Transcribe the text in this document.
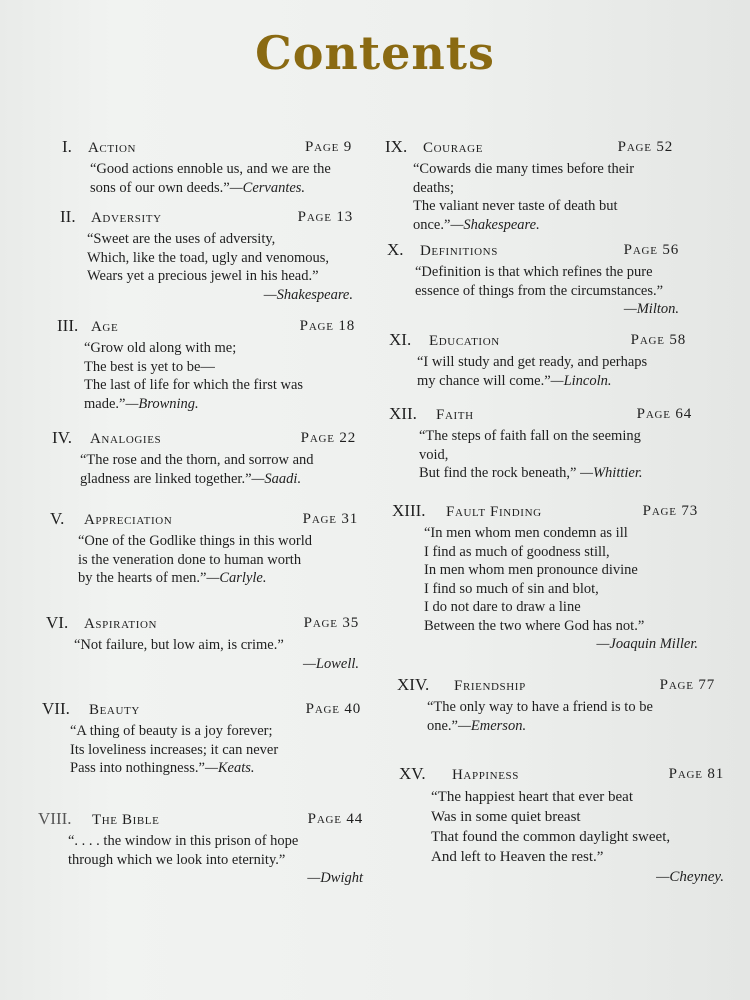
Contents
I. Action	Page 9
“Good actions ennoble us, and we are the
sons of our own deeds.”—Cervantes.
II. Adversity	Page 13
“Sweet are the uses of adversity,
Which, like the toad, ugly and venomous,
Wears yet a precious jewel in his head.”
—Shakespeare.
III. Age	Page 18
“Grow old along with me;
The best is yet to be—
The last of life for which the first was
made.”—Browning.
IV. Analogies	Page 22
“The rose and the thorn, and sorrow and
gladness are linked together.”—Saadi.
V. Appreciation	Page 31
“One of the Godlike things in this world
is the veneration done to human worth
by the hearts of men.”—Carlyle.
VI. Aspiration	Page 35
“Not failure, but low aim, is crime.”
—Lowell.
VII. Beauty	Page 40
“A thing of beauty is a joy forever;
Its loveliness increases; it can never
Pass into nothingness.”—Keats.
VIII. The Bible	Page 44
“. . . . the window in this prison of hope
through which we look into eternity.”
—Dwight
IX. Courage	Page 52
“Cowards die many times before their
deaths;
The valiant never taste of death but
once.”—Shakespeare.
X. Definitions	Page 56
“Definition is that which refines the pure
essence of things from the circumstances.”
—Milton.
XI. Education	Page 58
“I will study and get ready, and perhaps
my chance will come.”—Lincoln.
XII. Faith	Page 64
“The steps of faith fall on the seeming
void,
But find the rock beneath,” —Whittier.
XIII. Fault Finding	Page 73
“In men whom men condemn as ill
I find as much of goodness still,
In men whom men pronounce divine
I find so much of sin and blot,
I do not dare to draw a line
Between the two where God has not.”
—Joaquin Miller.
XIV. Friendship	Page 77
“The only way to have a friend is to be
one.”—Emerson.
XV. Happiness	Page 81
“The happiest heart that ever beat
Was in some quiet breast
That found the common daylight sweet,
And left to Heaven the rest.”
—Cheyney.
